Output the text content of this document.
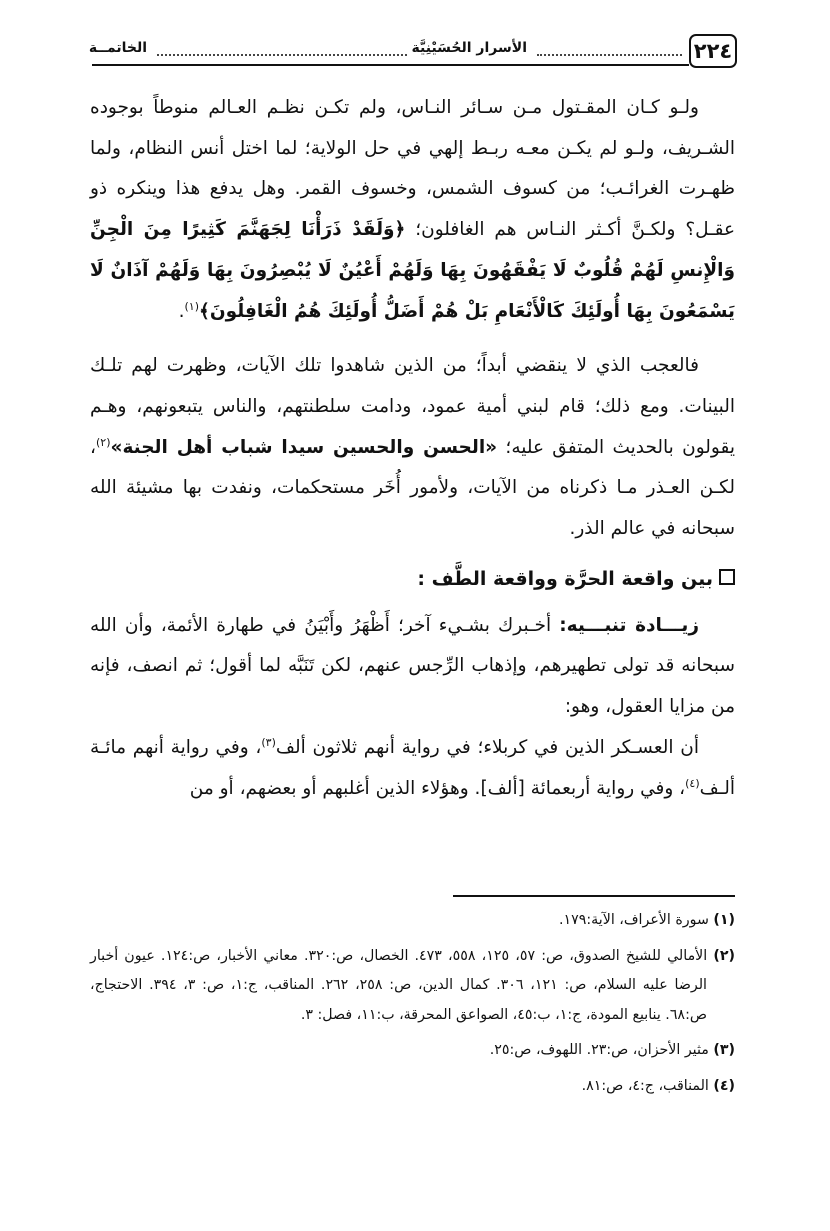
٢٢٤
الأسرار الحُسَيْنِيَّة
الخاتمــة

ولـو كـان المقـتول مـن سـائر النـاس، ولم تكـن نظـم العـالم منوطاً بوجوده الشـريف، ولـو لم يكـن معـه ربـط إلهي في حل الولاية؛ لما اختل أنس النظام، ولما ظهـرت الغرائـب؛ من كسوف الشمس، وخسوف القمر. وهل يدفع هذا وينكره ذو عقـل؟ ولكـنَّ أكـثر النـاس هم الغافلون؛ ﴿وَلَقَدْ ذَرَأْنَا لِجَهَنَّمَ كَثِيرًا مِنَ الْجِنِّ وَالْإِنسِ لَهُمْ قُلُوبٌ لَا يَفْقَهُونَ بِهَا وَلَهُمْ أَعْيُنٌ لَا يُبْصِرُونَ بِهَا وَلَهُمْ آذَانٌ لَا يَسْمَعُونَ بِهَا أُولَئِكَ كَالْأَنْعَامِ بَلْ هُمْ أَضَلُّ أُولَئِكَ هُمُ الْغَافِلُونَ﴾$^{(١)}$.

فالعجب الذي لا ينقضي أبداً؛ من الذين شاهدوا تلك الآيات، وظهرت لهم تلـك البينات. ومع ذلك؛ قام لبني أمية عمود، ودامت سلطنتهم، والناس يتبعونهم، وهـم يقولون بالحديث المتفق عليه؛ «الحسن والحسين سيدا شباب أهل الجنة»$^{(٢)}$، لكـن العـذر مـا ذكرناه من الآيات، ولأمور أُخَر مستحكمات، ونفدت بها مشيئة الله سبحانه في عالم الذر.

بين واقعة الحرَّة وواقعة الطَّف :

زيـــادة تنبـــيه: أخـبرك بشـيء آخر؛ أَظْهَرُ وأَبْيَنُ في طهارة الأئمة، وأن الله سبحانه قد تولى تطهيرهم، وإذهاب الرِّجس عنهم، لكن تَنَبَّه لما أقول؛ ثم انصف، فإنه من مزايا العقول، وهو:

أن العسـكر الذين في كربلاء؛ في رواية أنهم ثلاثون ألف$^{(٣)}$، وفي رواية أنهم مائـة ألـف$^{(٤)}$، وفي رواية أربعمائة [ألف]. وهؤلاء الذين أغلبهم أو بعضهم، أو من

(١) سورة الأعراف، الآية:١٧٩.

(٢) الأمالي للشيخ الصدوق، ص: ٥٧، ١٢٥، ٥٥٨، ٤٧٣. الخصال، ص:٣٢٠. معاني الأخبار، ص:١٢٤. عيون أخبار الرضا عليه السلام، ص: ١٢١، ٣٠٦. كمال الدين، ص: ٢٥٨، ٢٦٢. المناقب، ج:١، ص: ٣، ٣٩٤. الاحتجاج، ص:٦٨. ينابيع المودة، ج:١، ب:٤٥، الصواعق المحرقة، ب:١١، فصل: ٣.

(٣) مثير الأحزان، ص:٢٣. اللهوف، ص:٢٥.

(٤) المناقب، ج:٤، ص:٨١.
